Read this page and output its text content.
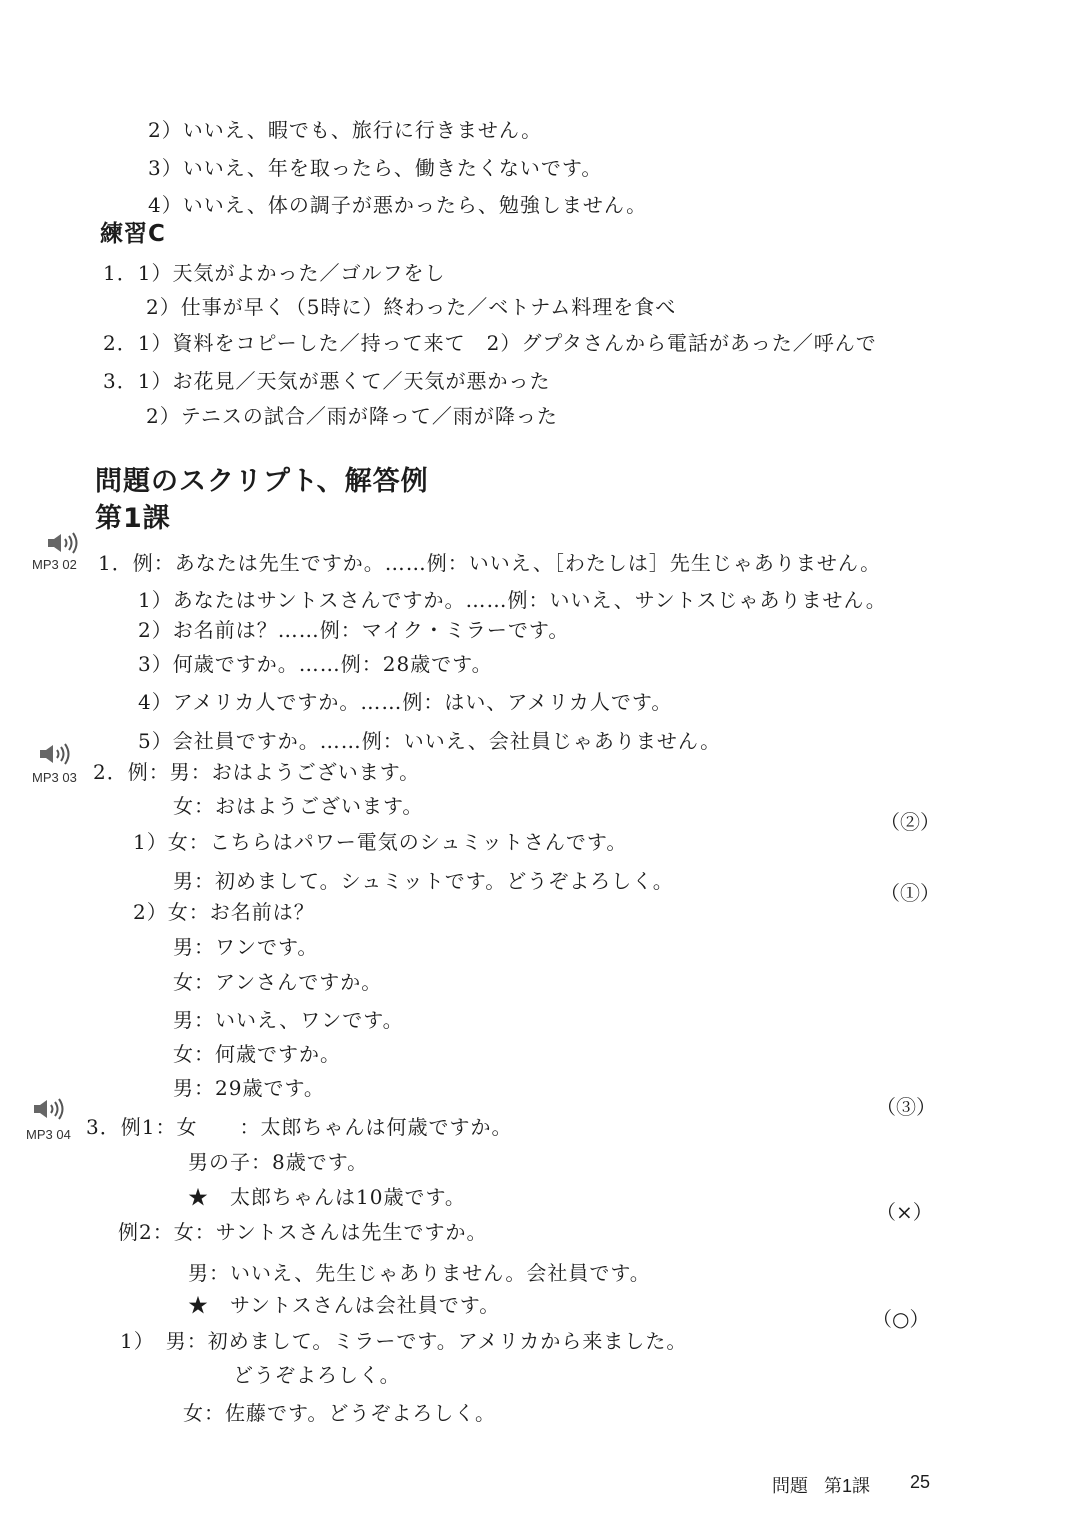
2）いいえ、暇でも、旅行に行きません。
3）いいえ、年を取ったら、働きたくないです。
4）いいえ、体の調子が悪かったら、勉強しません。
練習C
1．1）天気がよかった／ゴルフをし
2）仕事が早く（5時に）終わった／ベトナム料理を食べ
2．1）資料をコピーした／持って来て　2）グプタさんから電話があった／呼んで
3．1）お花見／天気が悪くて／天気が悪かった
2）テニスの試合／雨が降って／雨が降った
問題のスクリプト、解答例
第1課
MP3 02
MP3 03
MP3 04
1．例：あなたは先生ですか。……例：いいえ、［わたしは］先生じゃありません。
1）あなたはサントスさんですか。……例：いいえ、サントスじゃありません。
2）お名前は？……例：マイク・ミラーです。
3）何歳ですか。……例：28歳です。
4）アメリカ人ですか。……例：はい、アメリカ人です。
5）会社員ですか。……例：いいえ、会社員じゃありません。
2．例：男：おはようございます。
女：おはようございます。
（②）
1）女：こちらはパワー電気のシュミットさんです。
男：初めまして。シュミットです。どうぞよろしく。	（①）
2）女：お名前は？
男：ワンです。
女：アンさんですか。
男：いいえ、ワンです。
女：何歳ですか。
男：29歳です。
（③）
3．例1：女　　：太郎ちゃんは何歳ですか。
男の子：8歳です。
★　太郎ちゃんは10歳です。
（×）
例2：女：サントスさんは先生ですか。
男：いいえ、先生じゃありません。会社員です。
★　サントスさんは会社員です。
（○）
1）　男：初めまして。ミラーです。アメリカから来ました。
どうぞよろしく。
女：佐藤です。どうぞよろしく。
問題 第1課 25
